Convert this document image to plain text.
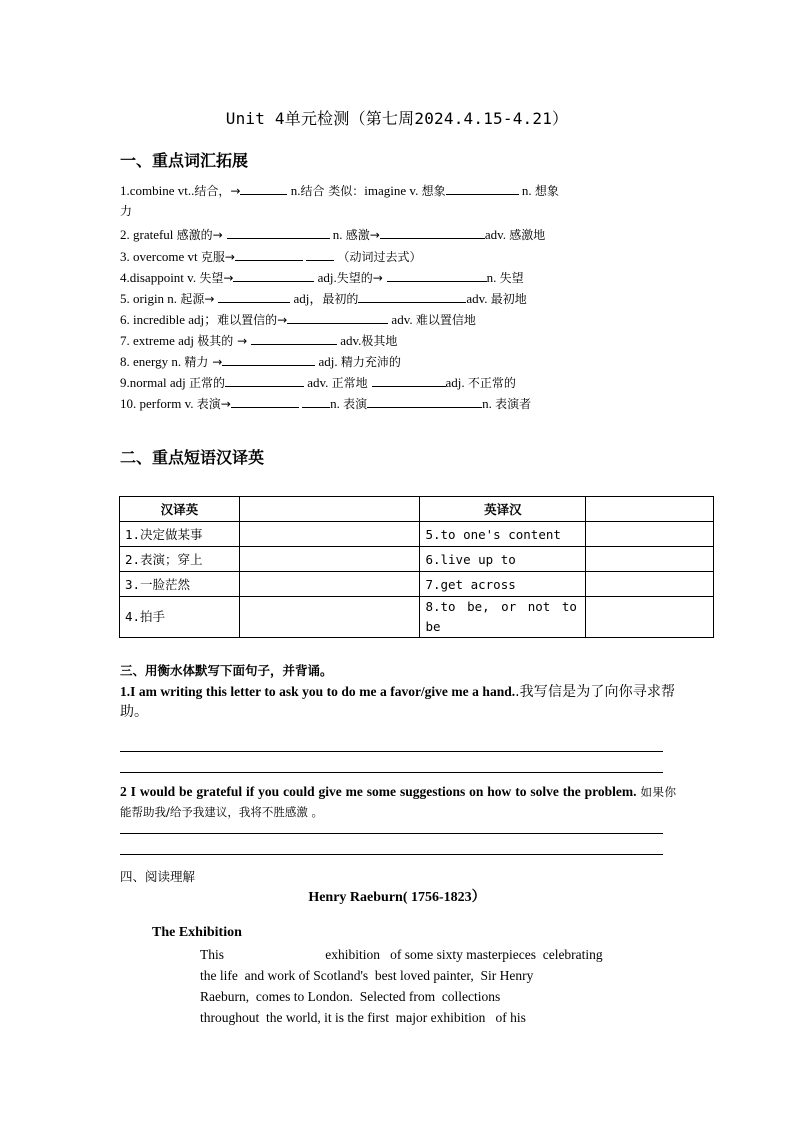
Unit 4单元检测（第七周2024.4.15-4.21）
一、重点词汇拓展
1.combine vt..结合，→	n.结合 类似：imagine v. 想象	n. 想象
力
2. grateful 感激的→	n. 感激→	adv. 感激地
3. overcome vt 克服→	（动词过去式）
4.disappoint v. 失望→	adj.失望的→	n. 失望
5. origin n. 起源→	adj，最初的	adv. 最初地
6. incredible adj；难以置信的→	adv. 难以置信地
7. extreme adj 极其的 →	adv.极其地
8. energy n. 精力 →	adj. 精力充沛的
9.normal adj 正常的	adv. 正常地	adj. 不正常的
10. perform v. 表演→	n. 表演	n. 表演者
二、重点短语汉译英
汉译英		英译汉	
1.决定做某事		5.to one's content	
2.表演；穿上		6.live up to	
3.一脸茫然		7.get across	
4.拍手		8.to be, or not to be	
三、用衡水体默写下面句子，并背诵。
1.I am writing this letter to ask you to do me a favor/give me a hand..我写信是为了向你寻求帮助。
2 I would be grateful if you could give me some suggestions on how to solve the problem. 如果你能帮助我/给予我建议，我将不胜感激 。
四、阅读理解
Henry Raeburn( 1756-1823）
The Exhibition
This                              exhibition   of some sixty masterpieces  celebrating
the life  and work of Scotland's  best loved painter,  Sir Henry
Raeburn,  comes to London.  Selected from  collections
throughout  the world, it is the first  major exhibition   of his
